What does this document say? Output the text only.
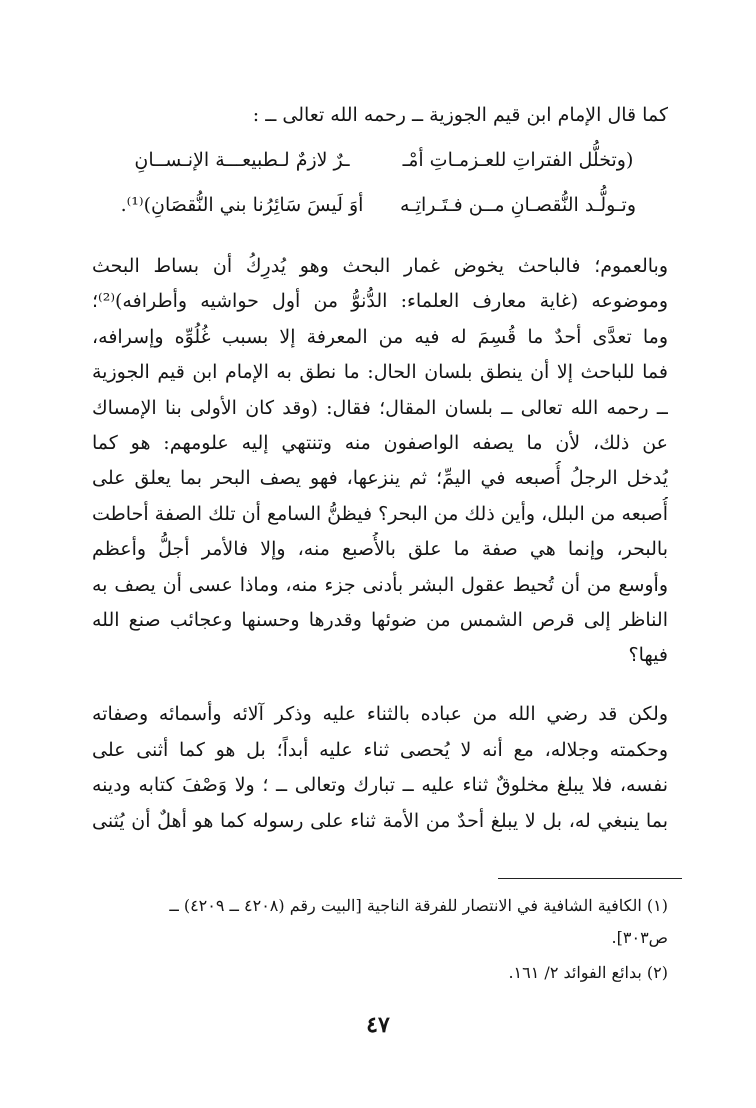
كما قال الإمام ابن قيم الجوزية ــ رحمه الله تعالى ــ :
(وتخلُّل الفتراتِ للعـزمـاتِ أمْـ
ـرٌ لازمٌ لـطبيعـــة الإنـســانِ
وتـولُّـد النُّقصـانِ مــن فـتَـراتِـه
أوَ لَيسَ سَائِرُنا بني النُّقصَانِ)⁽¹⁾.
وبالعموم؛ فالباحث يخوض غمار البحث وهو يُدرِكُ أن بساط البحث
وموضوعه (غاية معارف العلماء: الدُّنوُّ من أول حواشيه وأطرافه)⁽²⁾؛
وما تعدَّى أحدٌ ما قُسِمَ له فيه من المعرفة إلا بسبب غُلُوِّه وإسرافه،
فما للباحث إلا أن ينطق بلسان الحال: ما نطق به الإمام ابن قيم الجوزية
ــ رحمه الله تعالى ــ بلسان المقال؛ فقال: (وقد كان الأولى بنا الإمساك
عن ذلك، لأن ما يصفه الواصفون منه وتنتهي إليه علومهم: هو كما
يُدخل الرجلُ أُصبعه في اليمِّ؛ ثم ينزعها، فهو يصف البحر بما يعلق على
أُصبعه من البلل، وأين ذلك من البحر؟ فيظنُّ السامع أن تلك الصفة أحاطت
بالبحر، وإنما هي صفة ما علق بالأُصبع منه، وإلا فالأمر أجلُّ وأعظم
وأوسع من أن تُحيط عقول البشر بأدنى جزء منه، وماذا عسى أن يصف به
الناظر إلى قرص الشمس من ضوئها وقدرها وحسنها وعجائب صنع الله
فيها؟
ولكن قد رضي الله من عباده بالثناء عليه وذكر آلائه وأسمائه وصفاته
وحكمته وجلاله، مع أنه لا يُحصى ثناء عليه أبداً؛ بل هو كما أثنى على
نفسه، فلا يبلغ مخلوقٌ ثناء عليه ــ تبارك وتعالى ــ ؛ ولا وَصْفَ كتابه ودينه
بما ينبغي له، بل لا يبلغ أحدٌ من الأمة ثناء على رسوله كما هو أهلٌ أن يُثنى
(١) الكافية الشافية في الانتصار للفرقة الناجية [البيت رقم (٤٢٠٨ ــ ٤٢٠٩) ــ
ص٣٠٣].
(٢) بدائع الفوائد ٢/ ١٦١.
٤٧
